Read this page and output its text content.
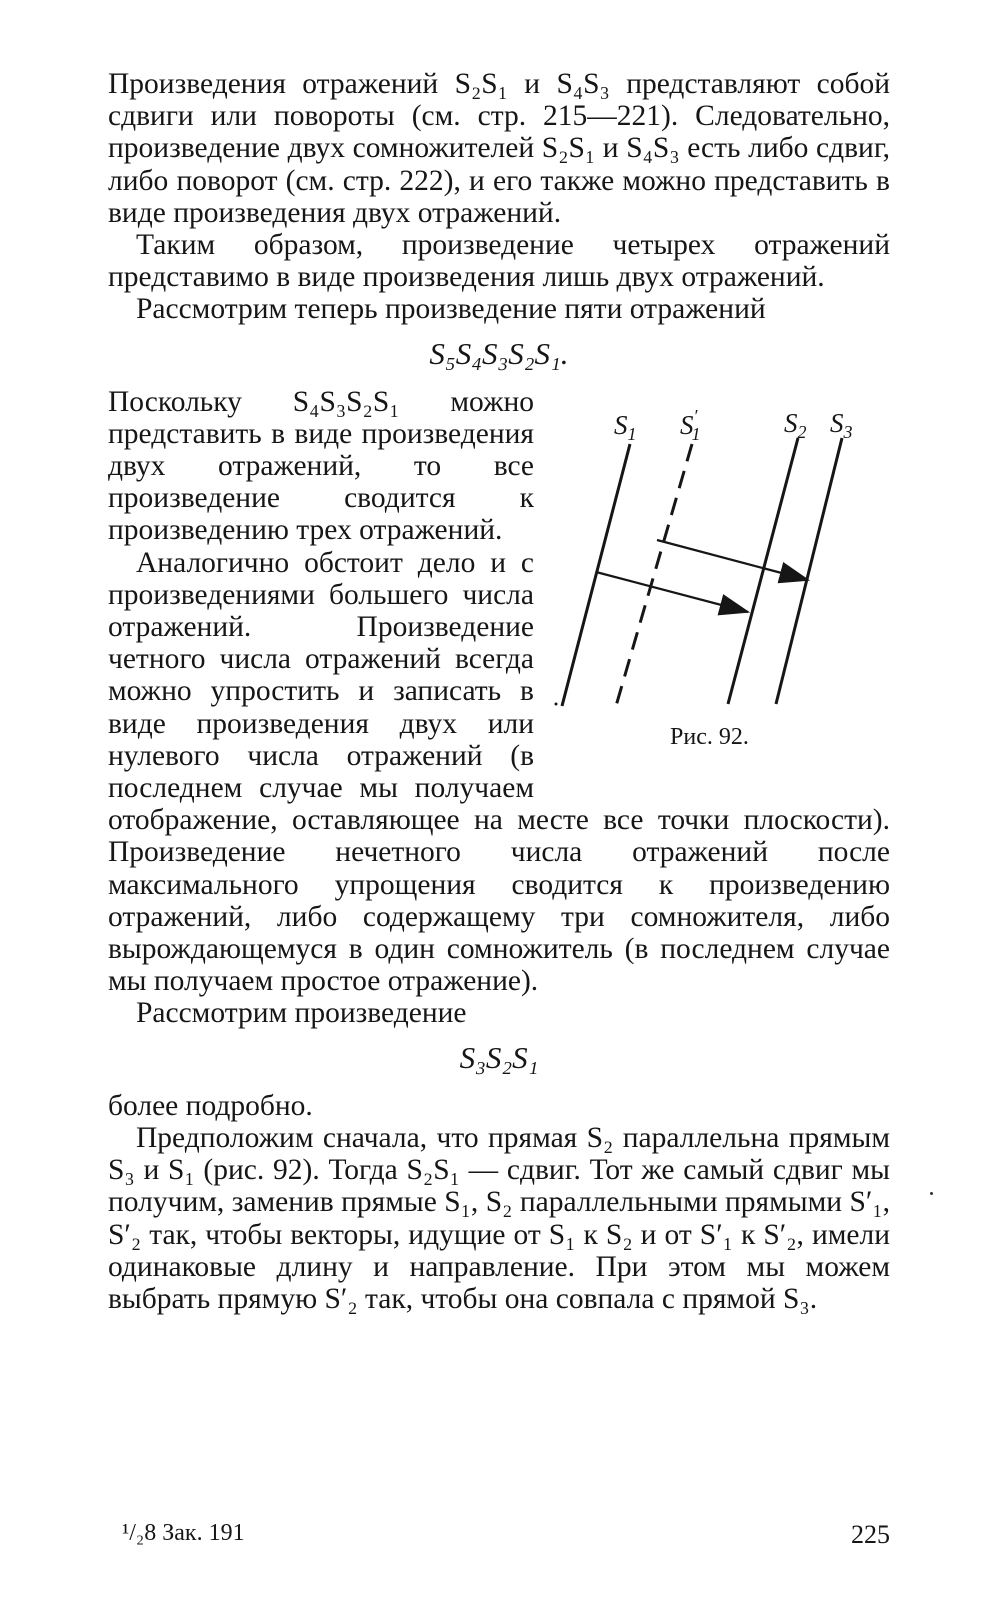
Произведения отражений S₂S₁ и S₄S₃ представляют собой сдвиги или повороты (см. стр. 215—221). Следовательно, произведение двух сомножителей S₂S₁ и S₄S₃ есть либо сдвиг, либо поворот (см. стр. 222), и его также можно представить в виде произведения двух отражений.

Таким образом, произведение четырех отражений представимо в виде произведения лишь двух отражений.

Рассмотрим теперь произведение пяти отражений

S₅S₄S₃S₂S₁.
$S_1$ S′ 1	$S_2$ $S_3$
Рис. 92.

Поскольку S₄S₃S₂S₁ можно представить в виде произведения двух отражений, то все произведение сводится к произведению трех отражений.

Аналогично обстоит дело и с произведениями большего числа отражений. Произведение четного числа отражений всегда можно упростить и записать в виде произведения двух или нулевого числа отражений (в последнем случае мы получаем отображение, оставляющее на месте все точки плоскости). Произведение нечетного числа отражений после максимального упрощения сводится к произведению отражений, либо содержащему три сомножителя, либо вырождающемуся в один сомножитель (в последнем случае мы получаем простое отражение).

Рассмотрим произведение

S₃S₂S₁

более подробно.

Предположим сначала, что прямая S₂ параллельна прямым S₃ и S₁ (рис. 92). Тогда S₂S₁ — сдвиг. Тот же самый сдвиг мы получим, заменив прямые S₁, S₂ параллельными прямыми S′₁, S′₂ так, чтобы векторы, идущие от S₁ к S₂ и от S′₁ к S′₂, имели одинаковые длину и направление. При этом мы можем выбрать прямую S′₂ так, чтобы она совпала с прямой S₃.

¹/₂8 Зак. 191	225
